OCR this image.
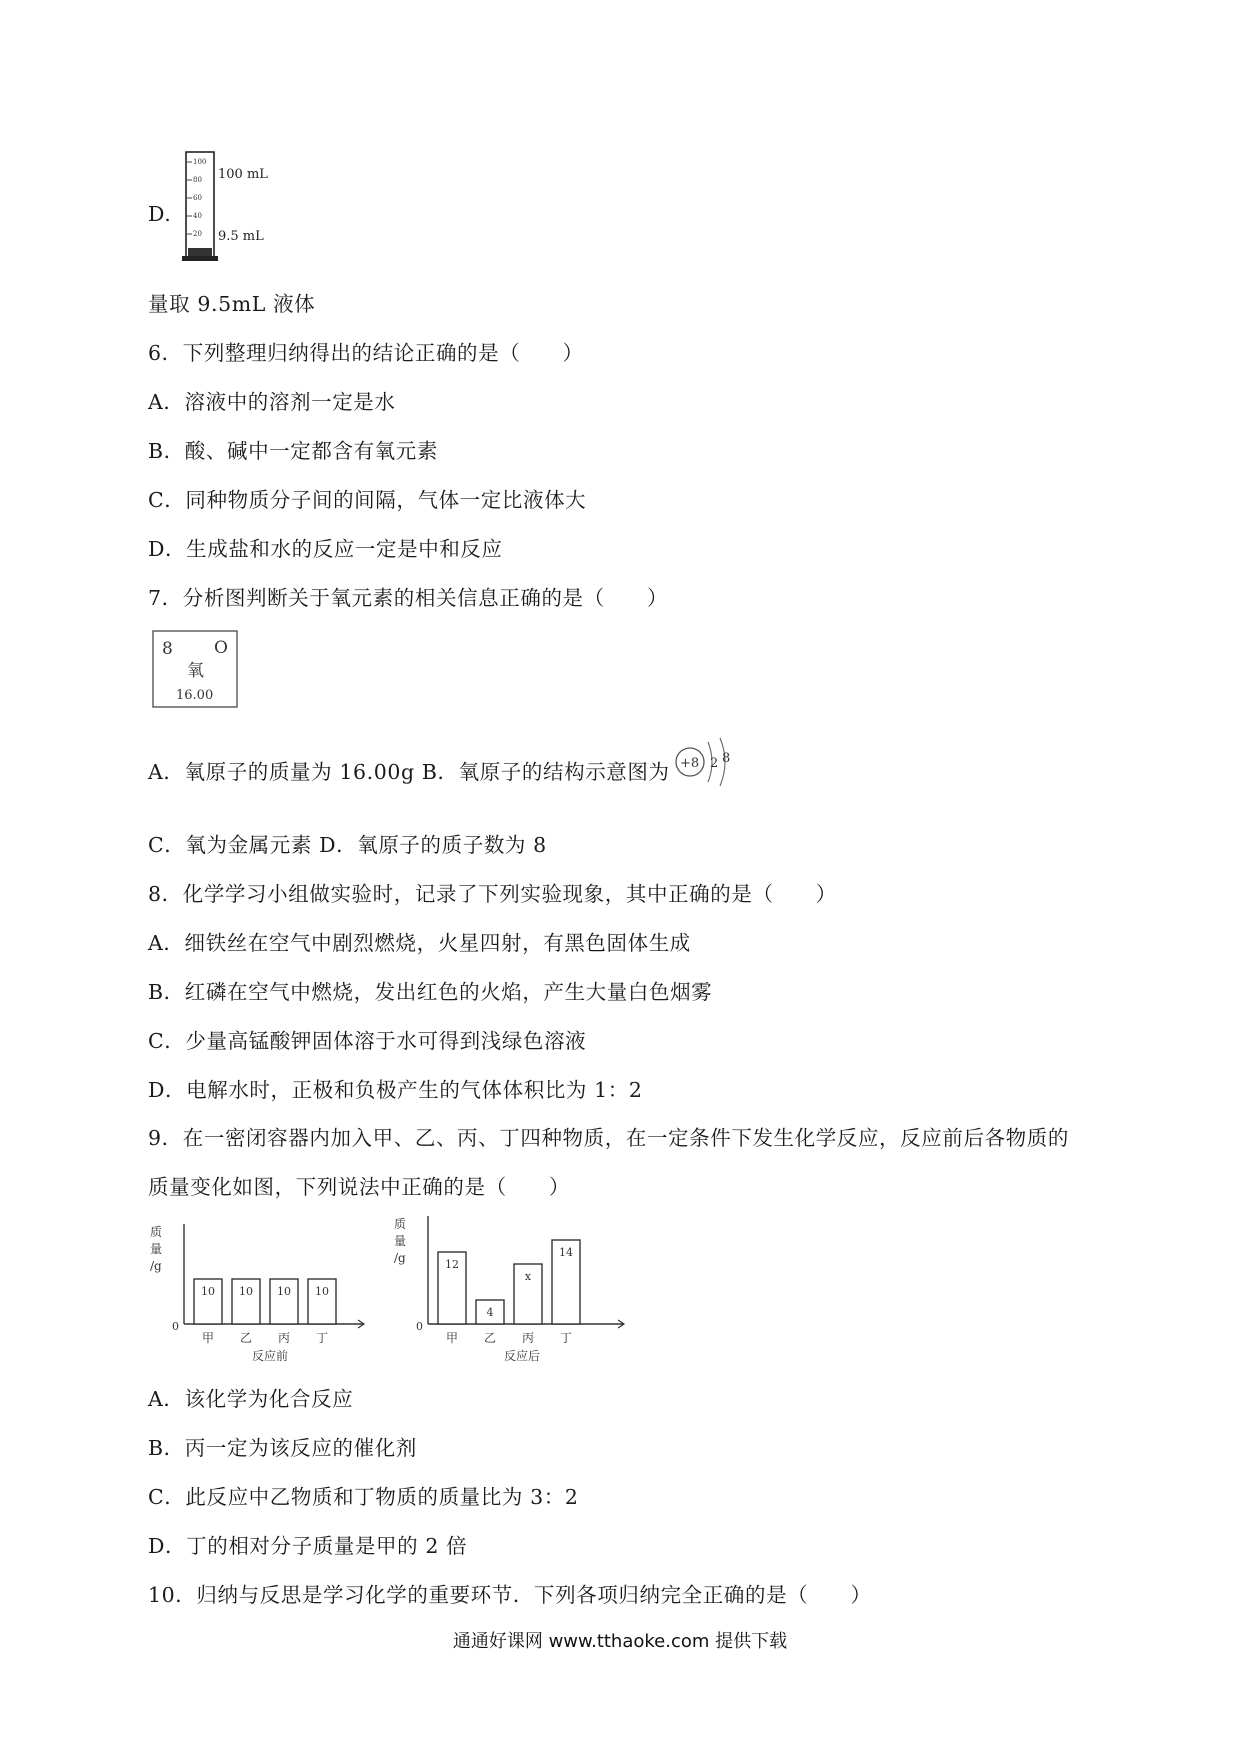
D.
100
80
60
40
20
100 mL
9.5 mL
量取 9.5mL 液体
6．下列整理归纳得出的结论正确的是（　　）
A．溶液中的溶剂一定是水
B．酸、碱中一定都含有氧元素
C．同种物质分子间的间隔，气体一定比液体大
D．生成盐和水的反应一定是中和反应
7．分析图判断关于氧元素的相关信息正确的是（　　）
8 O
氧
16.00
A．氧原子的质量为 16.00g B．氧原子的结构示意图为 +8 2 8
C．氧为金属元素 D．氧原子的质子数为 8
8．化学学习小组做实验时，记录了下列实验现象，其中正确的是（　　）
A．细铁丝在空气中剧烈燃烧，火星四射，有黑色固体生成
B．红磷在空气中燃烧，发出红色的火焰，产生大量白色烟雾
C．少量高锰酸钾固体溶于水可得到浅绿色溶液
D．电解水时，正极和负极产生的气体体积比为 1：2
9．在一密闭容器内加入甲、乙、丙、丁四种物质，在一定条件下发生化学反应，反应前后各物质的
质量变化如图，下列说法中正确的是（　　）
质
量
/g
0
10
甲
10
乙
10
丙
10
丁
反应前
质
量
/g
0
12
甲
4
乙
x
丙
14
丁
反应后
A．该化学为化合反应
B．丙一定为该反应的催化剂
C．此反应中乙物质和丁物质的质量比为 3：2
D．丁的相对分子质量是甲的 2 倍
10．归纳与反思是学习化学的重要环节．下列各项归纳完全正确的是（　　）
通通好课网 www.tthaoke.com 提供下载
